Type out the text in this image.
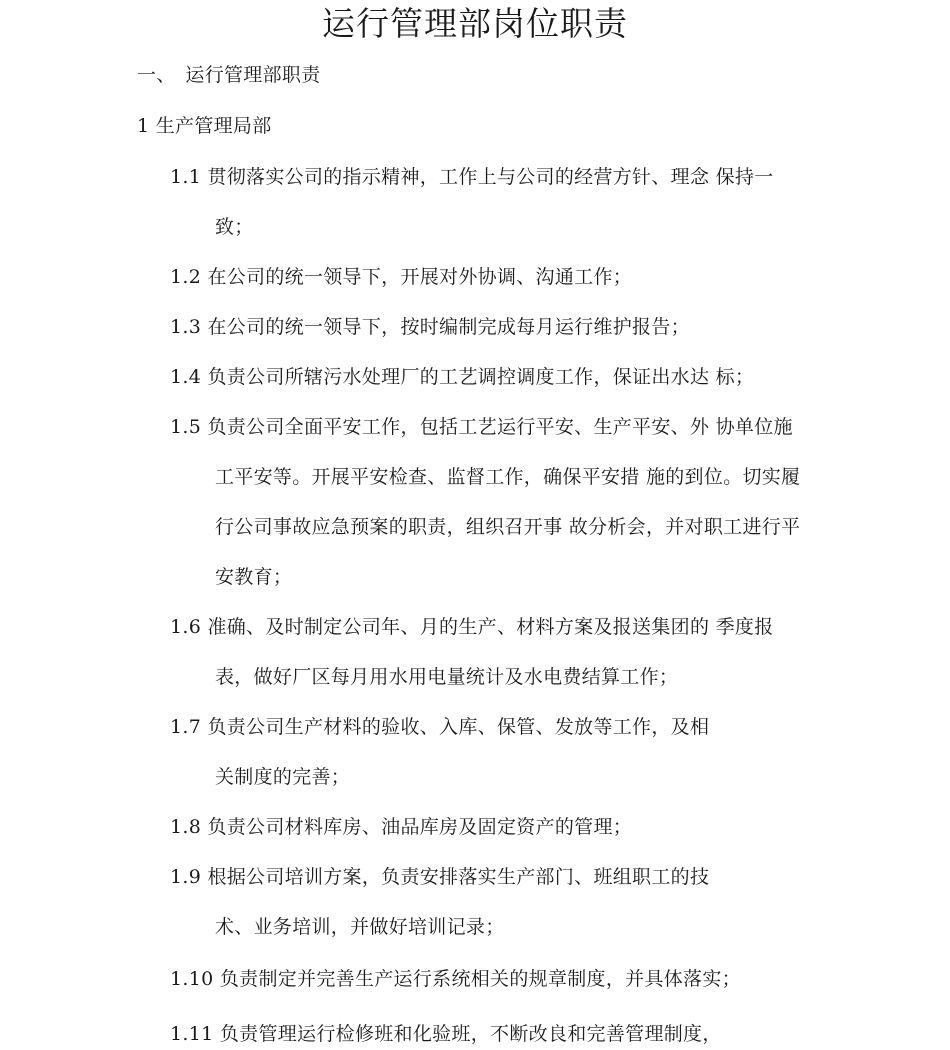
运行管理部岗位职责
一、　运行管理部职责
1 生产管理局部
1.1 贯彻落实公司的指示精神，工作上与公司的经营方针、理念 保持一
致；
1.2 在公司的统一领导下，开展对外协调、沟通工作；
1.3 在公司的统一领导下，按时编制完成每月运行维护报告；
1.4 负责公司所辖污水处理厂的工艺调控调度工作，保证出水达 标；
1.5 负责公司全面平安工作，包括工艺运行平安、生产平安、外 协单位施
工平安等。开展平安检查、监督工作，确保平安措 施的到位。切实履
行公司事故应急预案的职责，组织召开事 故分析会，并对职工进行平
安教育；
1.6 准确、及时制定公司年、月的生产、材料方案及报送集团的 季度报
表，做好厂区每月用水用电量统计及水电费结算工作；
1.7 负责公司生产材料的验收、入库、保管、发放等工作，及相
关制度的完善；
1.8 负责公司材料库房、油品库房及固定资产的管理；
1.9 根据公司培训方案，负责安排落实生产部门、班组职工的技
术、业务培训，并做好培训记录；
1.10 负责制定并完善生产运行系统相关的规章制度，并具体落实；
1.11 负责管理运行检修班和化验班，不断改良和完善管理制度，
